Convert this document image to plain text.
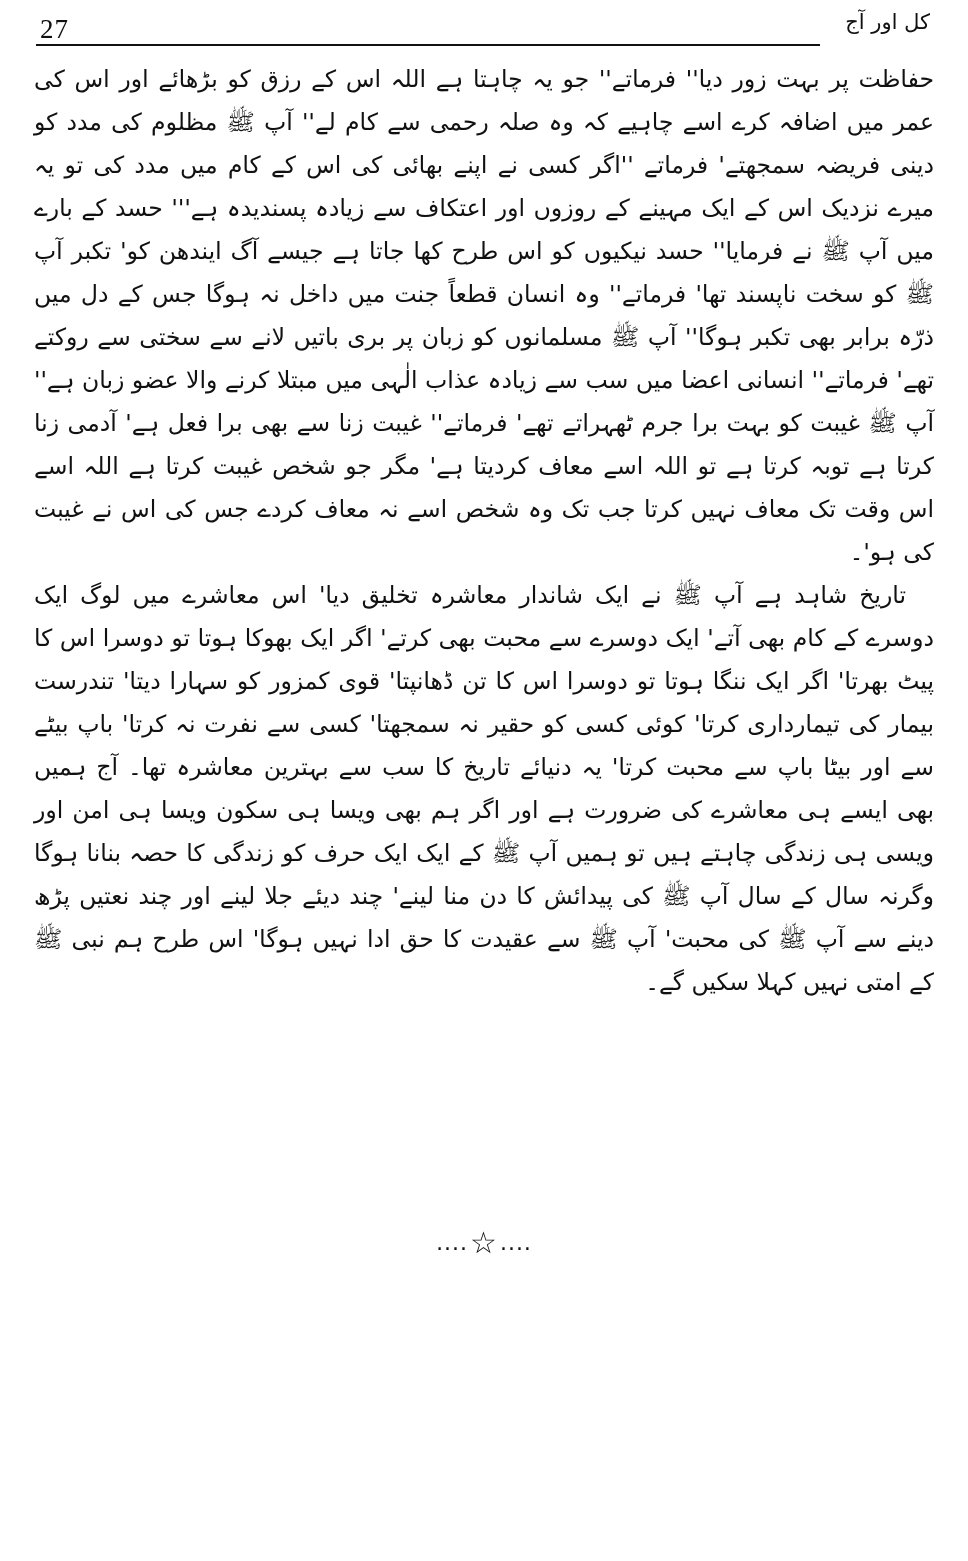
27	کل اور آج

حفاظت پر بہت زور دیا'' فرماتے'' جو یہ چاہتا ہے اللہ اس کے رزق کو بڑھائے اور اس کی عمر میں اضافہ کرے اسے چاہیے کہ وہ صلہ رحمی سے کام لے'' آپ ﷺ مظلوم کی مدد کو دینی فریضہ سمجھتے' فرماتے ''اگر کسی نے اپنے بھائی کی اس کے کام میں مدد کی تو یہ میرے نزدیک اس کے ایک مہینے کے روزوں اور اعتکاف سے زیادہ پسندیدہ ہے''' حسد کے بارے میں آپ ﷺ نے فرمایا'' حسد نیکیوں کو اس طرح کھا جاتا ہے جیسے آگ ایندھن کو' تکبر آپ ﷺ کو سخت ناپسند تھا' فرماتے'' وہ انسان قطعاً جنت میں داخل نہ ہوگا جس کے دل میں ذرّہ برابر بھی تکبر ہوگا'' آپ ﷺ مسلمانوں کو زبان پر بری باتیں لانے سے سختی سے روکتے تھے' فرماتے'' انسانی اعضا میں سب سے زیادہ عذاب الٰہی میں مبتلا کرنے والا عضو زبان ہے'' آپ ﷺ غیبت کو بہت برا جرم ٹھہراتے تھے' فرماتے'' غیبت زنا سے بھی برا فعل ہے' آدمی زنا کرتا ہے توبہ کرتا ہے تو اللہ اسے معاف کردیتا ہے' مگر جو شخص غیبت کرتا ہے اللہ اسے اس وقت تک معاف نہیں کرتا جب تک وہ شخص اسے نہ معاف کردے جس کی اس نے غیبت کی ہو'۔

تاریخ شاہد ہے آپ ﷺ نے ایک شاندار معاشرہ تخلیق دیا' اس معاشرے میں لوگ ایک دوسرے کے کام بھی آتے' ایک دوسرے سے محبت بھی کرتے' اگر ایک بھوکا ہوتا تو دوسرا اس کا پیٹ بھرتا' اگر ایک ننگا ہوتا تو دوسرا اس کا تن ڈھانپتا' قوی کمزور کو سہارا دیتا' تندرست بیمار کی تیمارداری کرتا' کوئی کسی کو حقیر نہ سمجھتا' کسی سے نفرت نہ کرتا' باپ بیٹے سے اور بیٹا باپ سے محبت کرتا' یہ دنیائے تاریخ کا سب سے بہترین معاشرہ تھا۔ آج ہمیں بھی ایسے ہی معاشرے کی ضرورت ہے اور اگر ہم بھی ویسا ہی سکون ویسا ہی امن اور ویسی ہی زندگی چاہتے ہیں تو ہمیں آپ ﷺ کے ایک ایک حرف کو زندگی کا حصہ بنانا ہوگا وگرنہ سال کے سال آپ ﷺ کی پیدائش کا دن منا لینے' چند دیئے جلا لینے اور چند نعتیں پڑھ دینے سے آپ ﷺ کی محبت' آپ ﷺ سے عقیدت کا حق ادا نہیں ہوگا' اس طرح ہم نبی ﷺ کے امتی نہیں کہلا سکیں گے۔

....☆....
